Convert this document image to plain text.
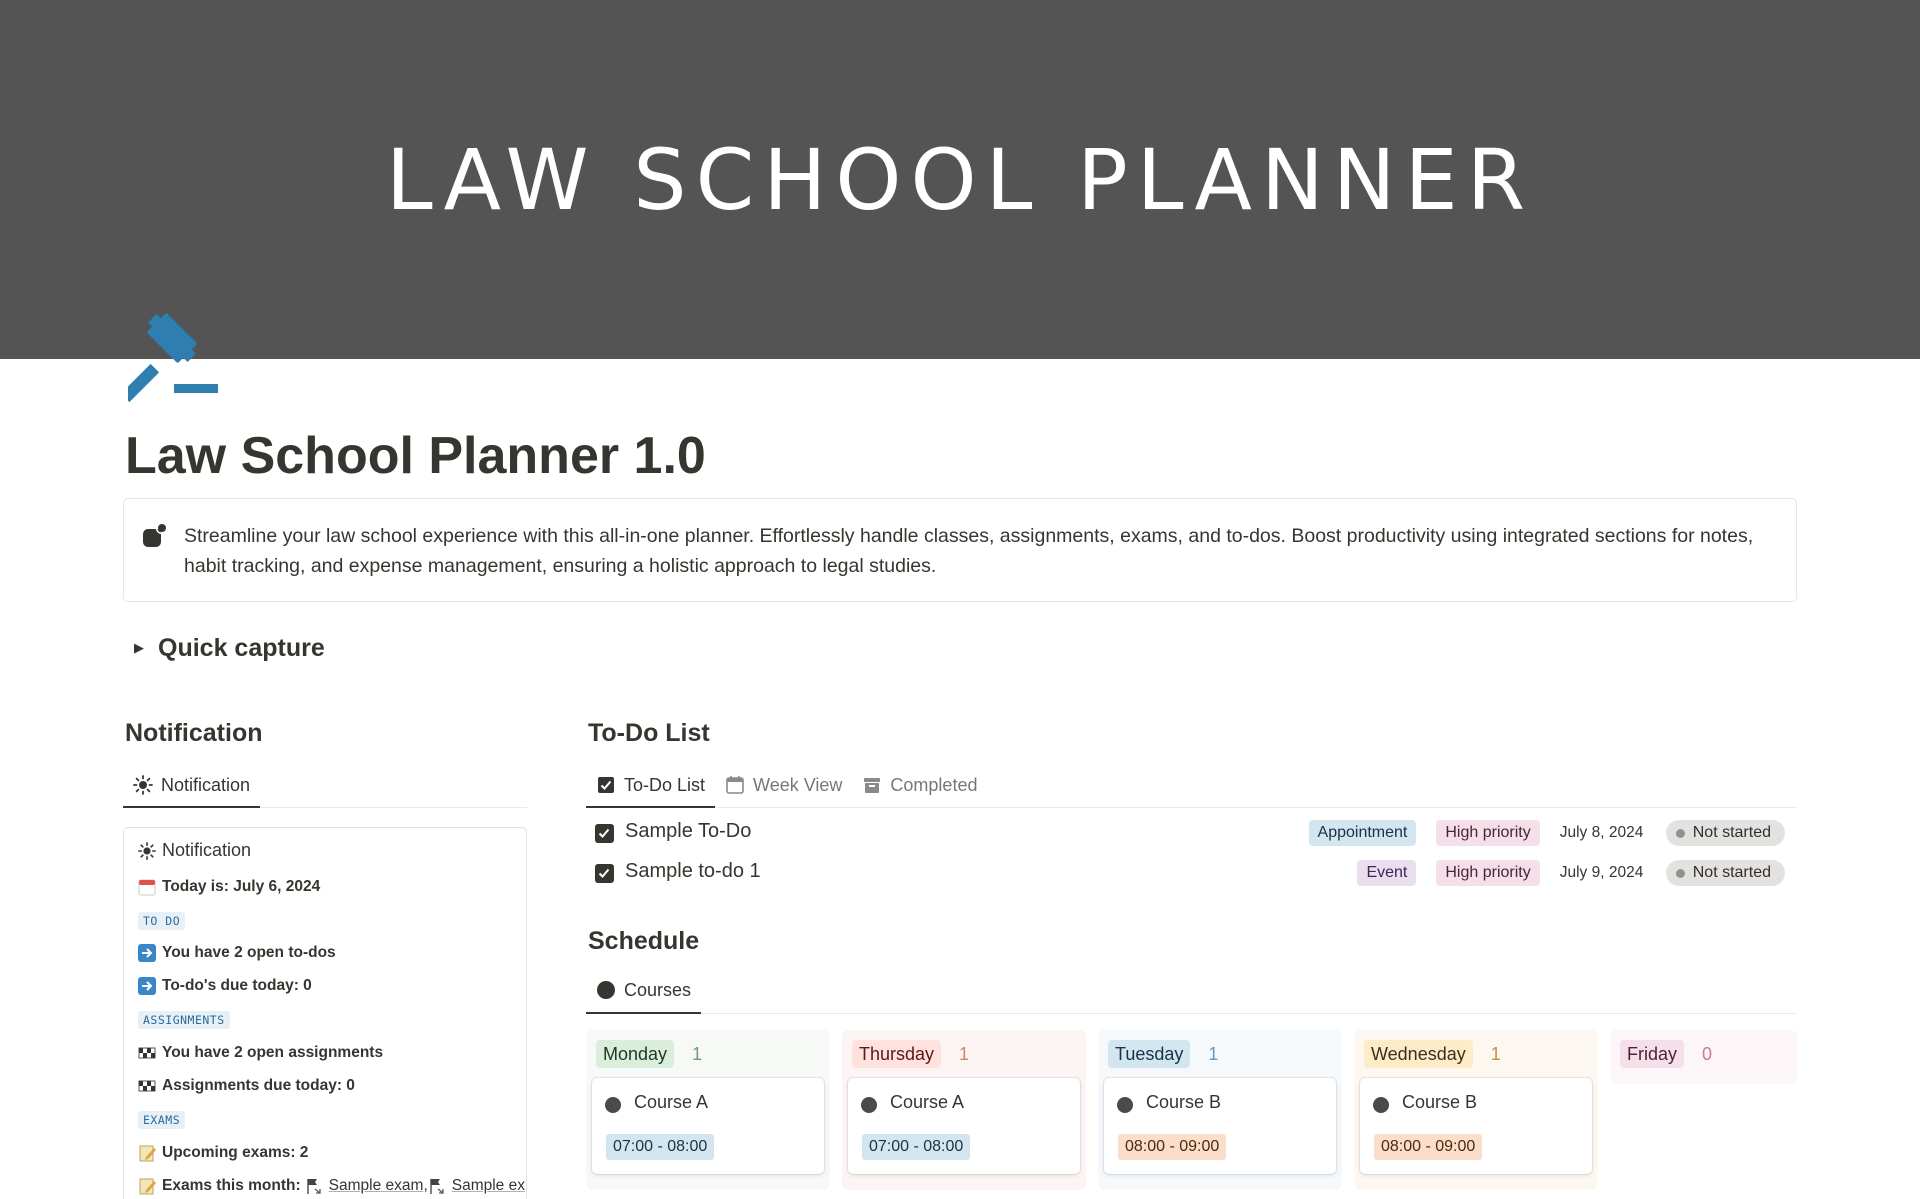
LAW SCHOOL PLANNER
Law School Planner 1.0
Streamline your law school experience with this all-in-one planner. Effortlessly handle classes, assignments, exams, and to-dos. Boost productivity using integrated sections for notes, habit tracking, and expense management, ensuring a holistic approach to legal studies.
▶ Quick capture
Notification
Notification
Notification
Today is: July 6, 2024
TO DO
You have 2 open to-dos
To-do's due today: 0
ASSIGNMENTS
You have 2 open assignments
Assignments due today: 0
EXAMS
Upcoming exams: 2
Exams this month: Sample exam , Sample ex
To-Do List
To-Do List	Week View	Completed
Sample To-Do	Appointment	High priority	July 8, 2024	Not started
Sample to-do 1	Event	High priority	July 9, 2024	Not started
Schedule
Courses
Monday	1
Course A
07:00 - 08:00
Thursday	1
Course A
07:00 - 08:00
Tuesday	1
Course B
08:00 - 09:00
Wednesday	1
Course B
08:00 - 09:00
Friday	0
